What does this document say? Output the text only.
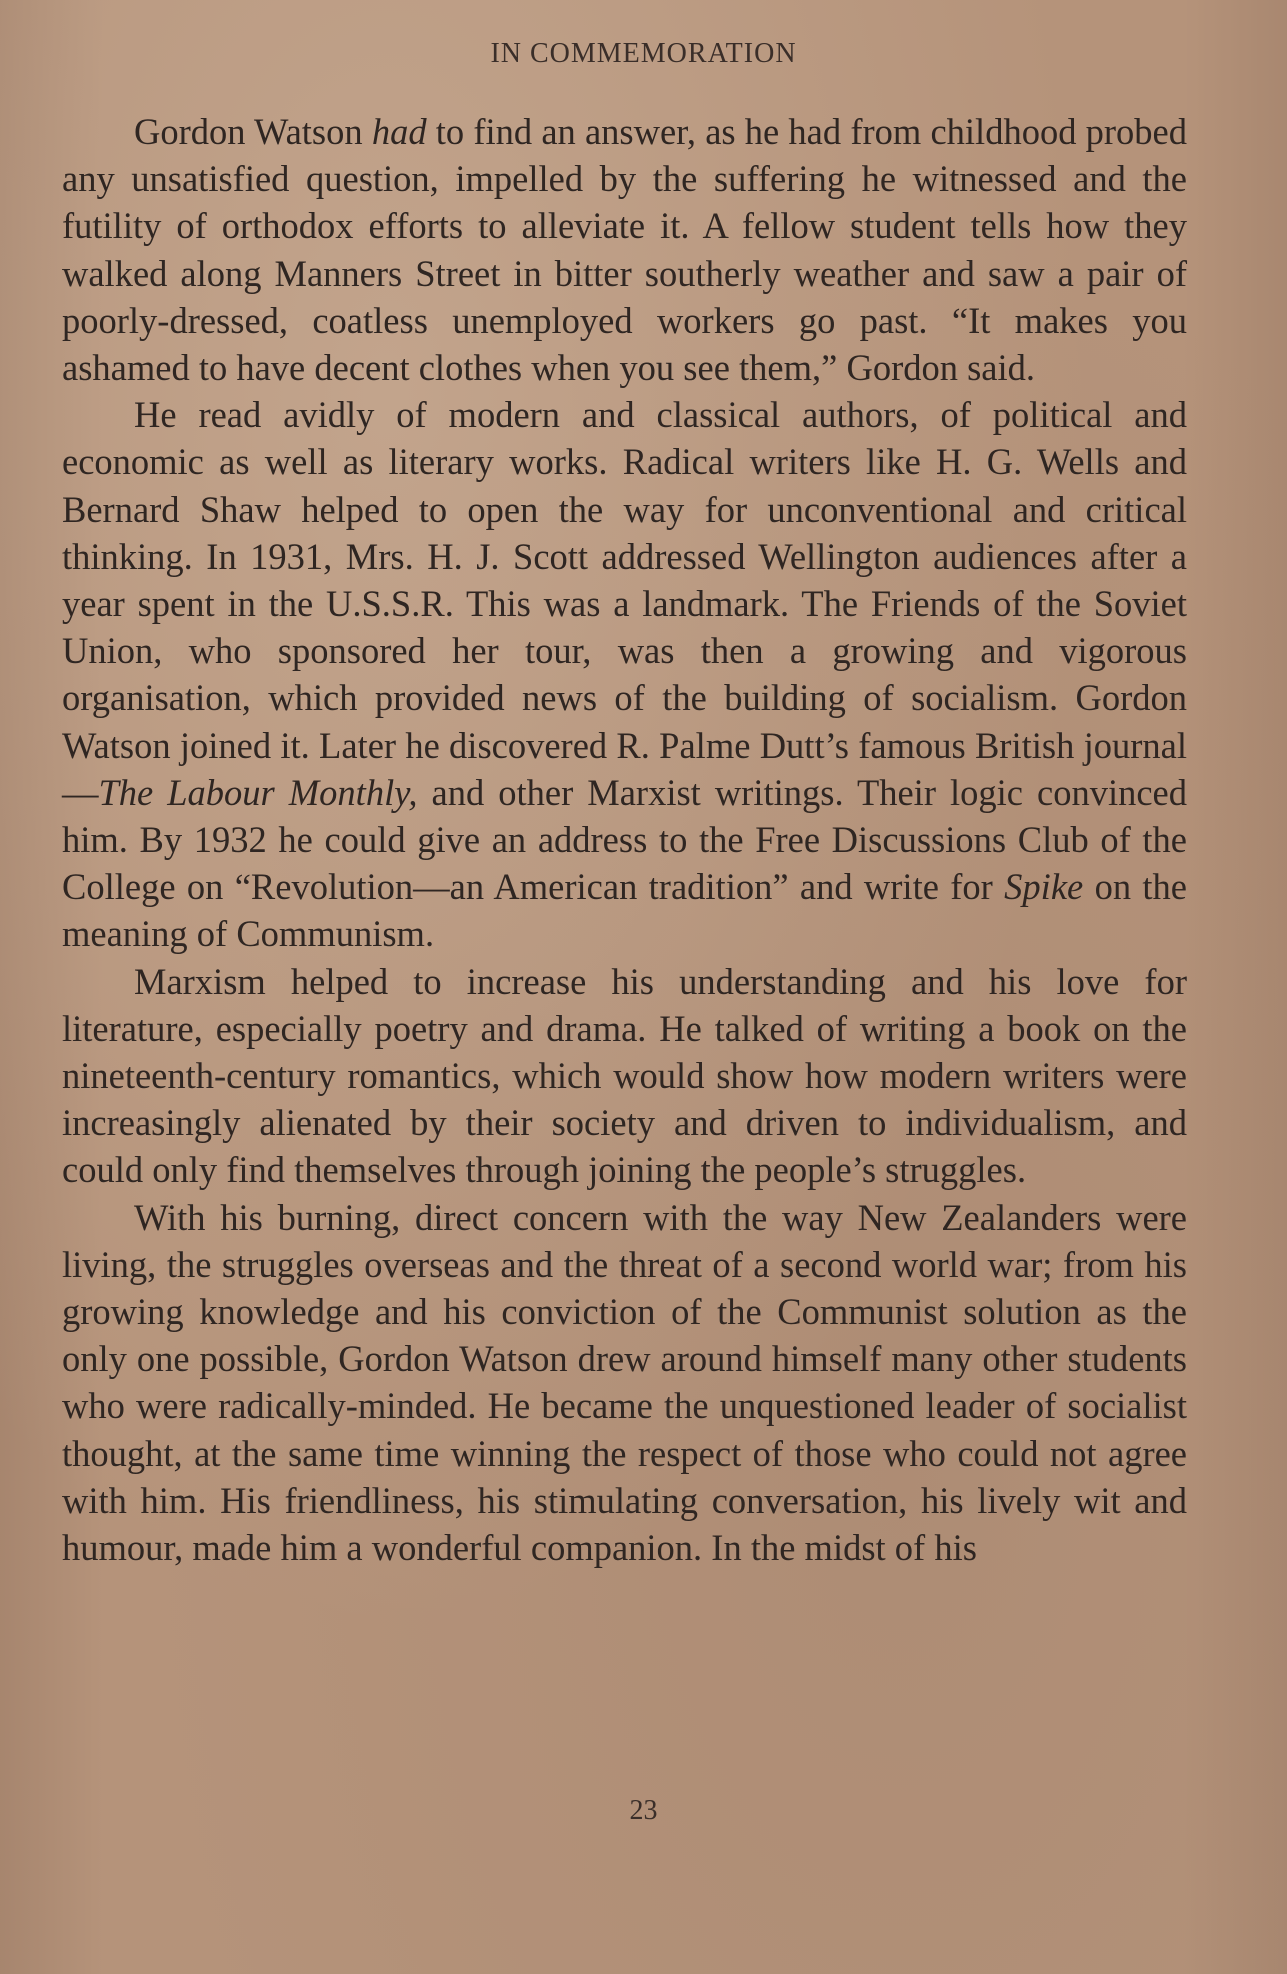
IN COMMEMORATION

Gordon Watson had to find an answer, as he had from childhood probed any unsatisfied question, impelled by the suffering he witnessed and the futility of orthodox efforts to alleviate it. A fellow student tells how they walked along Manners Street in bitter southerly weather and saw a pair of poorly-dressed, coatless unemployed workers go past. “It makes you ashamed to have decent clothes when you see them,” Gordon said.

He read avidly of modern and classical authors, of political and economic as well as literary works. Radical writers like H. G. Wells and Bernard Shaw helped to open the way for unconventional and critical thinking. In 1931, Mrs. H. J. Scott addressed Wellington audiences after a year spent in the U.S.S.R. This was a landmark. The Friends of the Soviet Union, who sponsored her tour, was then a growing and vigorous organisation, which provided news of the building of socialism. Gordon Watson joined it. Later he discovered R. Palme Dutt’s famous British journal—The Labour Monthly, and other Marxist writings. Their logic convinced him. By 1932 he could give an address to the Free Discussions Club of the College on “Revolution—an American tradition” and write for Spike on the meaning of Communism.

Marxism helped to increase his understanding and his love for literature, especially poetry and drama. He talked of writing a book on the nineteenth-century romantics, which would show how modern writers were increasingly alienated by their society and driven to individualism, and could only find themselves through joining the people’s struggles.

With his burning, direct concern with the way New Zealanders were living, the struggles overseas and the threat of a second world war; from his growing knowledge and his conviction of the Communist solution as the only one possible, Gordon Watson drew around himself many other students who were radically-minded. He became the unquestioned leader of socialist thought, at the same time winning the respect of those who could not agree with him. His friendliness, his stimulating conversation, his lively wit and humour, made him a wonderful companion. In the midst of his

23
